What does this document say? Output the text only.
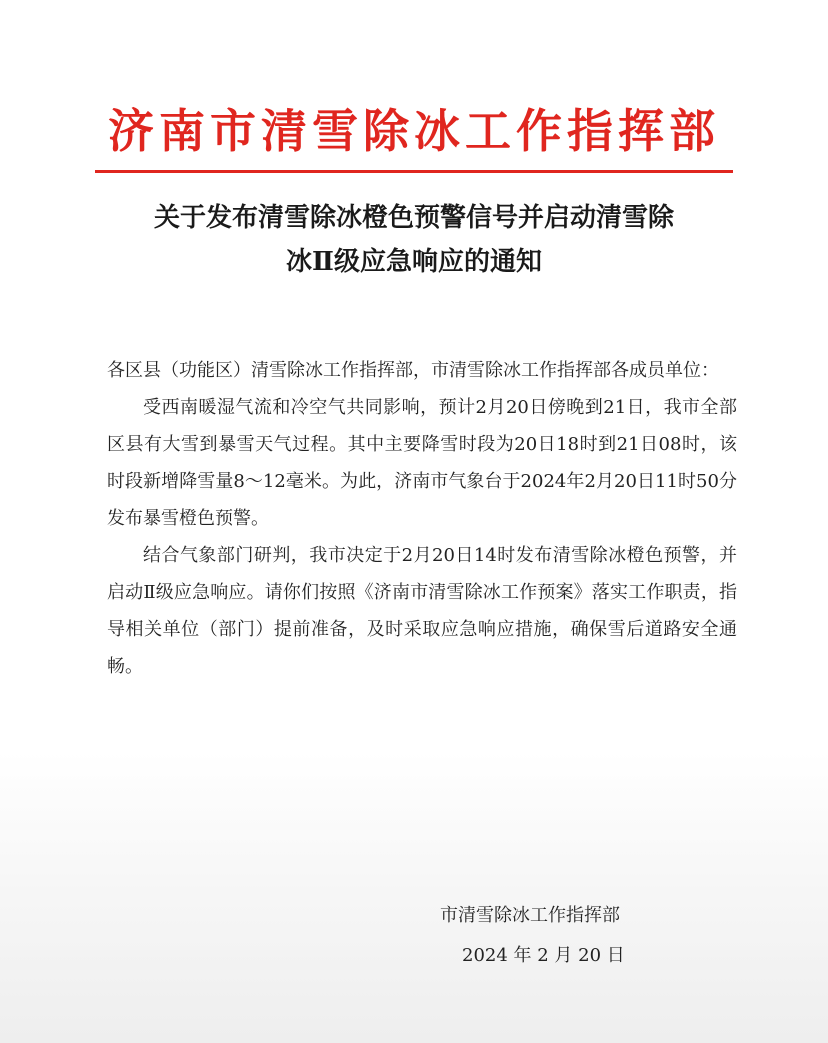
济南市清雪除冰工作指挥部
关于发布清雪除冰橙色预警信号并启动清雪除
冰Ⅱ级应急响应的通知

各区县（功能区）清雪除冰工作指挥部，市清雪除冰工作指挥部各成员单位：

受西南暖湿气流和冷空气共同影响，预计2月20日傍晚到21日，我市全部区县有大雪到暴雪天气过程。其中主要降雪时段为20日18时到21日08时，该时段新增降雪量8～12毫米。为此，济南市气象台于2024年2月20日11时50分发布暴雪橙色预警。

结合气象部门研判，我市决定于2月20日14时发布清雪除冰橙色预警，并启动Ⅱ级应急响应。请你们按照《济南市清雪除冰工作预案》落实工作职责，指导相关单位（部门）提前准备，及时采取应急响应措施，确保雪后道路安全通畅。

市清雪除冰工作指挥部
2024 年 2 月 20 日
